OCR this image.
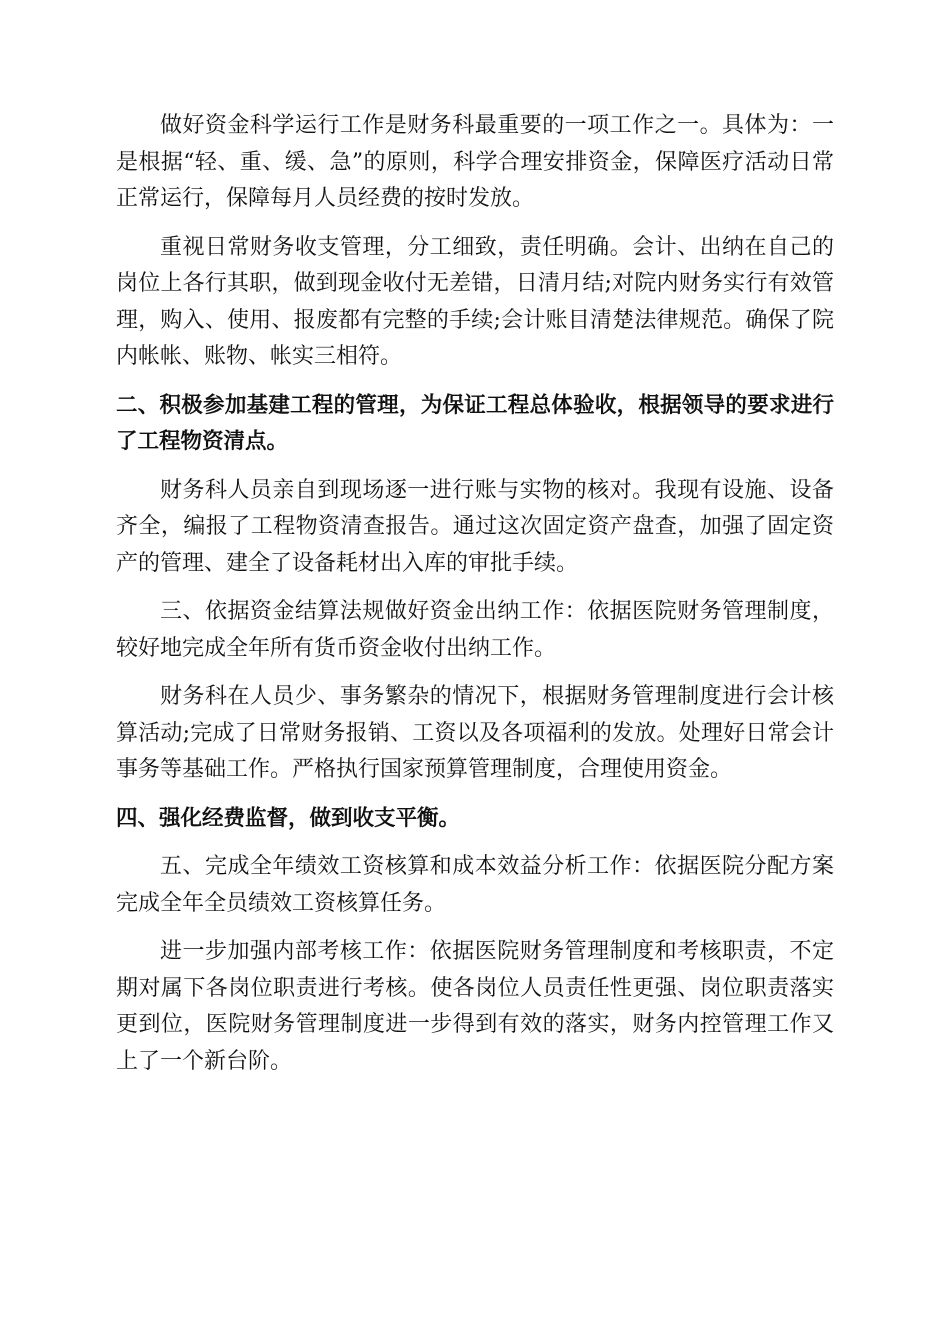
做好资金科学运行工作是财务科最重要的一项工作之一。具体为：一是根据“轻、重、缓、急”的原则，科学合理安排资金，保障医疗活动日常正常运行，保障每月人员经费的按时发放。

重视日常财务收支管理，分工细致，责任明确。会计、出纳在自己的岗位上各行其职，做到现金收付无差错，日清月结;对院内财务实行有效管理，购入、使用、报废都有完整的手续;会计账目清楚法律规范。确保了院内帐帐、账物、帐实三相符。

二、积极参加基建工程的管理，为保证工程总体验收，根据领导的要求进行了工程物资清点。

财务科人员亲自到现场逐一进行账与实物的核对。我现有设施、设备齐全，编报了工程物资清查报告。通过这次固定资产盘查，加强了固定资产的管理、建全了设备耗材出入库的审批手续。

三、依据资金结算法规做好资金出纳工作：依据医院财务管理制度，较好地完成全年所有货币资金收付出纳工作。

财务科在人员少、事务繁杂的情况下，根据财务管理制度进行会计核算活动;完成了日常财务报销、工资以及各项福利的发放。处理好日常会计事务等基础工作。严格执行国家预算管理制度，合理使用资金。

四、强化经费监督，做到收支平衡。

五、完成全年绩效工资核算和成本效益分析工作：依据医院分配方案完成全年全员绩效工资核算任务。

进一步加强内部考核工作：依据医院财务管理制度和考核职责，不定期对属下各岗位职责进行考核。使各岗位人员责任性更强、岗位职责落实更到位，医院财务管理制度进一步得到有效的落实，财务内控管理工作又上了一个新台阶。
